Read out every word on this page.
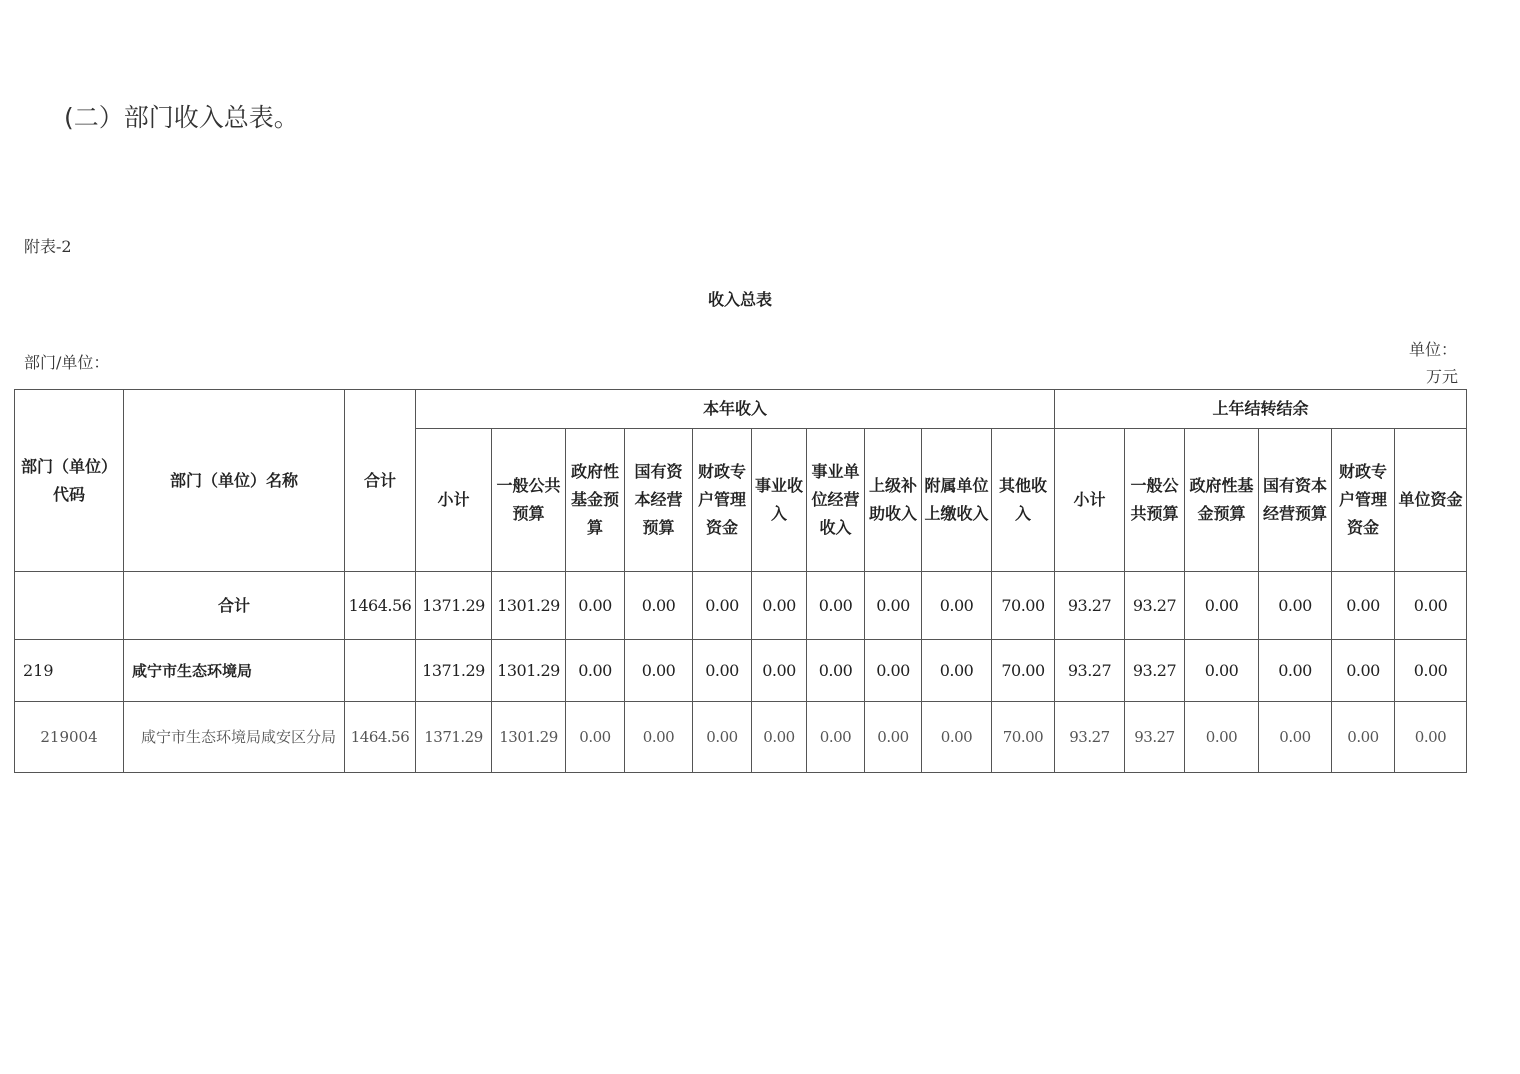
(二）部门收入总表。
附表-2
收入总表
部门/单位：
单位：
万元
部门（单位）代码	部门（单位）名称	合计	本年收入										上年结转结余					
			小计	一般公共预算	政府性基金预算	国有资本经营预算	财政专户管理资金	事业收入	事业单位经营收入	上级补助收入	附属单位上缴收入	其他收入	小计	一般公共预算	政府性基金预算	国有资本经营预算	财政专户管理资金	单位资金
	合计	1464.56	1371.29	1301.29	0.00	0.00	0.00	0.00	0.00	0.00	0.00	70.00	93.27	93.27	0.00	0.00	0.00	0.00
219	咸宁市生态环境局		1371.29	1301.29	0.00	0.00	0.00	0.00	0.00	0.00	0.00	70.00	93.27	93.27	0.00	0.00	0.00	0.00
219004	咸宁市生态环境局咸安区分局	1464.56	1371.29	1301.29	0.00	0.00	0.00	0.00	0.00	0.00	0.00	70.00	93.27	93.27	0.00	0.00	0.00	0.00
